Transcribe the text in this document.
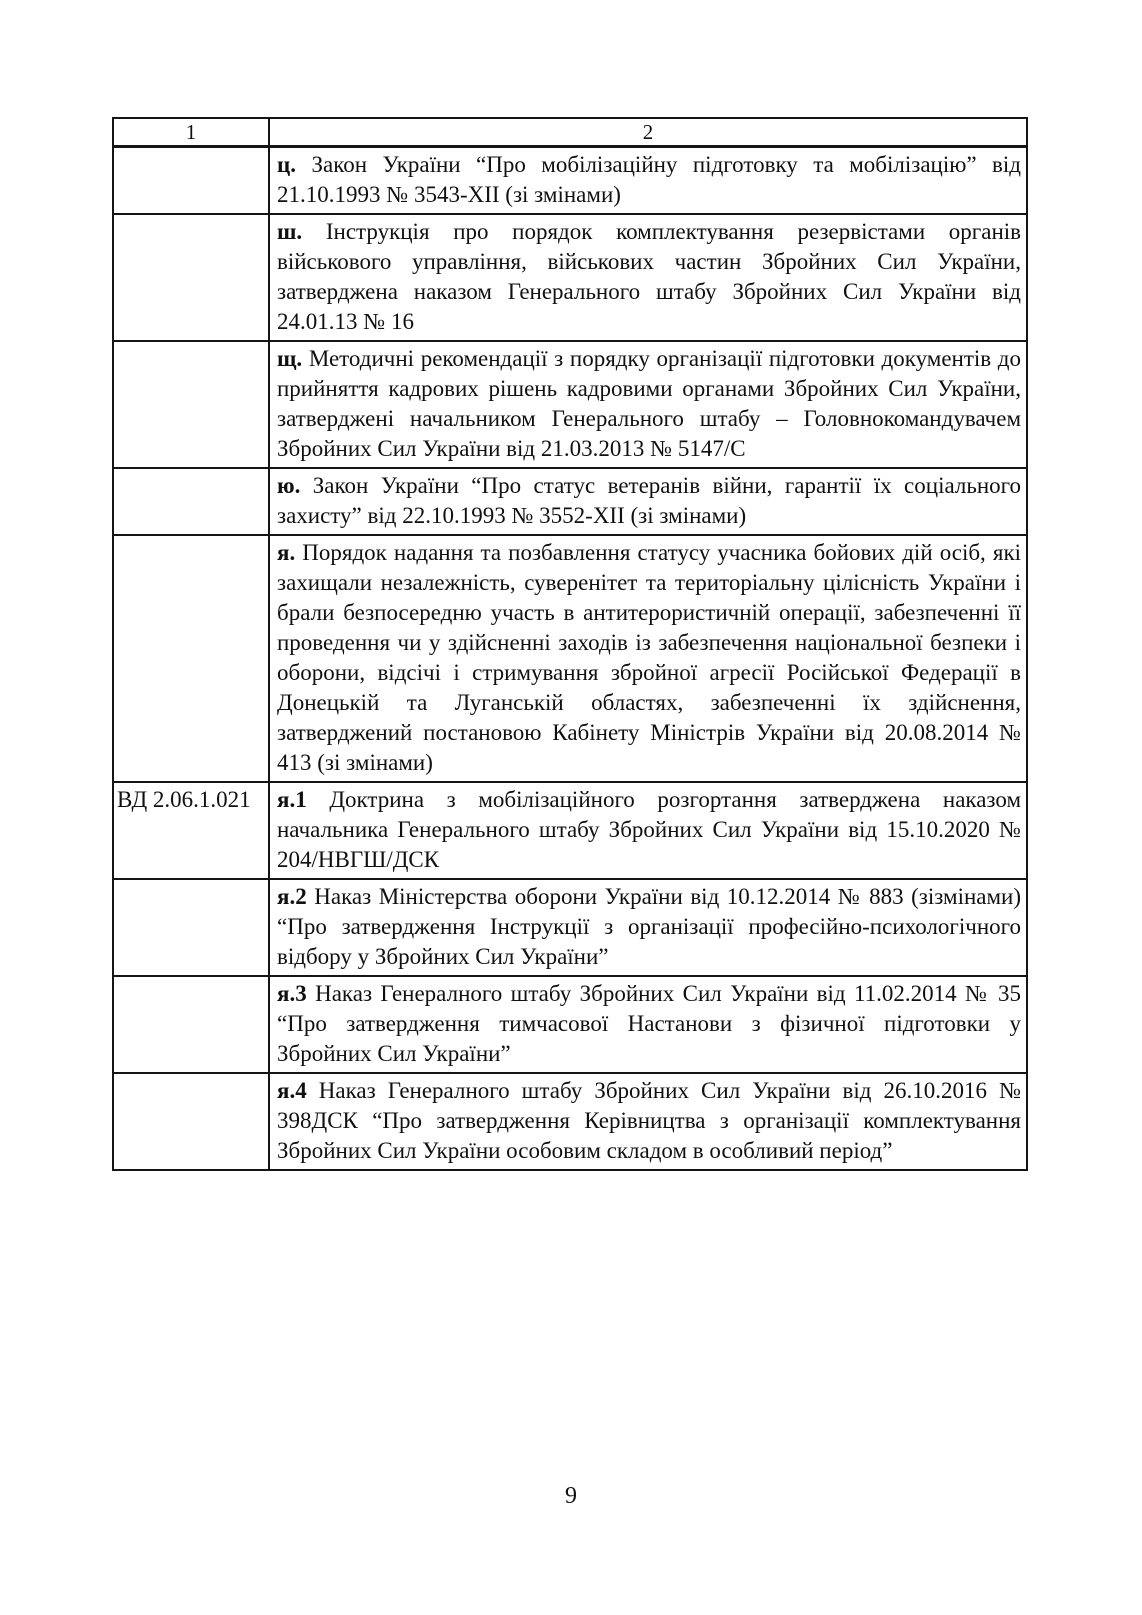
1	2
	ц. Закон України “Про мобілізаційну підготовку та мобілізацію” від 21.10.1993 № 3543-XII (зі змінами)
	ш. Інструкція про порядок комплектування резервістами органів військового управління, військових частин Збройних Сил України, затверджена наказом Генерального штабу Збройних Сил України від 24.01.13 № 16
	щ. Методичні рекомендації з порядку організації підготовки документів до прийняття кадрових рішень кадровими органами Збройних Сил України, затверджені начальником Генерального штабу – Головнокомандувачем Збройних Сил України від 21.03.2013 № 5147/С
	ю. Закон України “Про статус ветеранів війни, гарантії їх соціального захисту” від 22.10.1993 № 3552-XII (зі змінами)
	я. Порядок надання та позбавлення статусу учасника бойових дій осіб, які захищали незалежність, суверенітет та територіальну цілісність України і брали безпосередню участь в антитерористичній операції, забезпеченні її проведення чи у здійсненні заходів із забезпечення національної безпеки і оборони, відсічі і стримування збройної агресії Російської Федерації в Донецькій та Луганській областях, забезпеченні їх здійснення, затверджений постановою Кабінету Міністрів України від 20.08.2014 № 413 (зі змінами)
ВД 2.06.1.021	я.1 Доктрина з мобілізаційного розгортання затверджена наказом начальника Генерального штабу Збройних Сил України від 15.10.2020 № 204/НВГШ/ДСК
	я.2 Наказ Міністерства оборони України від 10.12.2014 № 883 (зізмінами) “Про затвердження Інструкції з організації професійно-психологічного відбору у Збройних Сил України”
	я.3 Наказ Генералного штабу Збройних Сил України від 11.02.2014 № 35 “Про затвердження тимчасової Настанови з фізичної підготовки у Збройних Сил України”
	я.4 Наказ Генералного штабу Збройних Сил України від 26.10.2016 № 398ДСК “Про затвердження Керівництва з організації комплектування Збройних Сил України особовим складом в особливий період”
9
